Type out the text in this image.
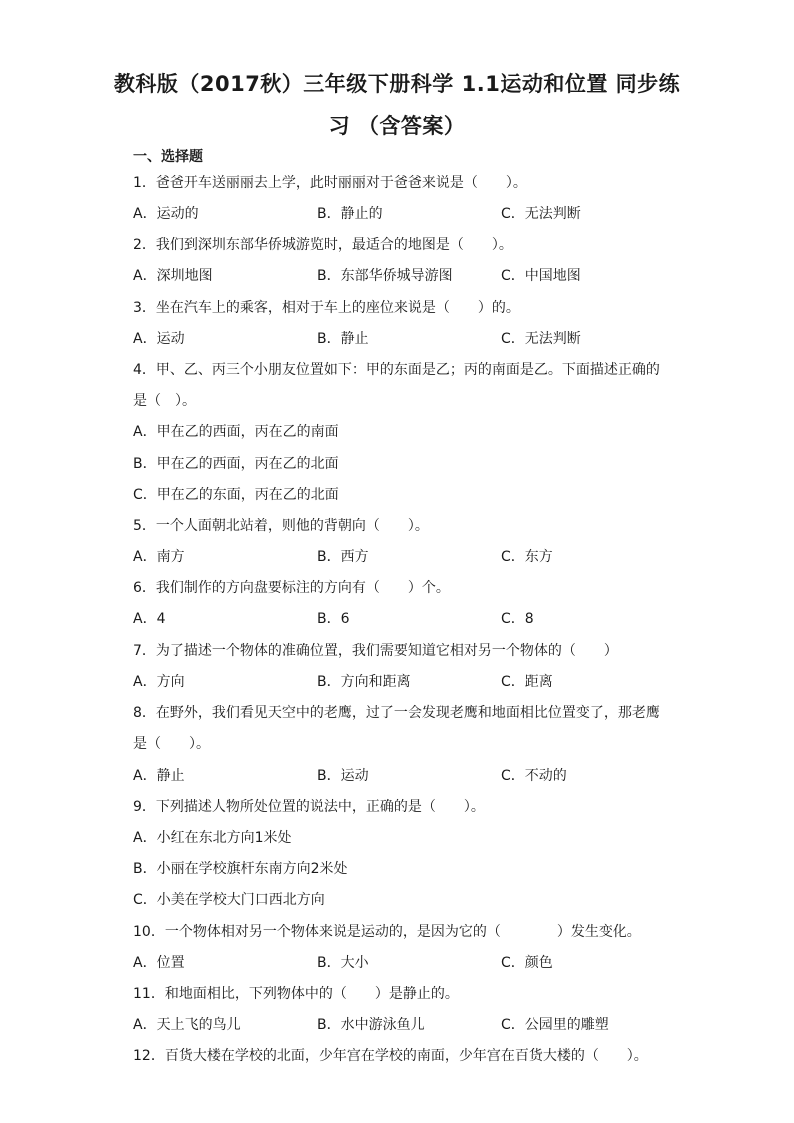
教科版（2017秋）三年级下册科学 1.1运动和位置 同步练
习 （含答案）
一、选择题
1．爸爸开车送丽丽去上学，此时丽丽对于爸爸来说是（　　）。
A．运动的	B．静止的	C．无法判断
2．我们到深圳东部华侨城游览时，最适合的地图是（　　）。
A．深圳地图	B．东部华侨城导游图	C．中国地图
3．坐在汽车上的乘客，相对于车上的座位来说是（　　）的。
A．运动	B．静止	C．无法判断
4．甲、乙、丙三个小朋友位置如下：甲的东面是乙；丙的南面是乙。下面描述正确的
是（　）。
A．甲在乙的西面，丙在乙的南面
B．甲在乙的西面，丙在乙的北面
C．甲在乙的东面，丙在乙的北面
5．一个人面朝北站着，则他的背朝向（　　）。
A．南方	B．西方	C．东方
6．我们制作的方向盘要标注的方向有（　　）个。
A．4	B．6	C．8
7．为了描述一个物体的准确位置，我们需要知道它相对另一个物体的（　　）
A．方向	B．方向和距离	C．距离
8．在野外，我们看见天空中的老鹰，过了一会发现老鹰和地面相比位置变了，那老鹰
是（　　）。
A．静止	B．运动	C．不动的
9．下列描述人物所处位置的说法中，正确的是（　　）。
A．小红在东北方向1米处
B．小丽在学校旗杆东南方向2米处
C．小美在学校大门口西北方向
10．一个物体相对另一个物体来说是运动的，是因为它的（　　　　）发生变化。
A．位置	B．大小	C．颜色
11．和地面相比，下列物体中的（　　）是静止的。
A．天上飞的鸟儿	B．水中游泳鱼儿	C．公园里的雕塑
12．百货大楼在学校的北面，少年宫在学校的南面，少年宫在百货大楼的（　　）。
